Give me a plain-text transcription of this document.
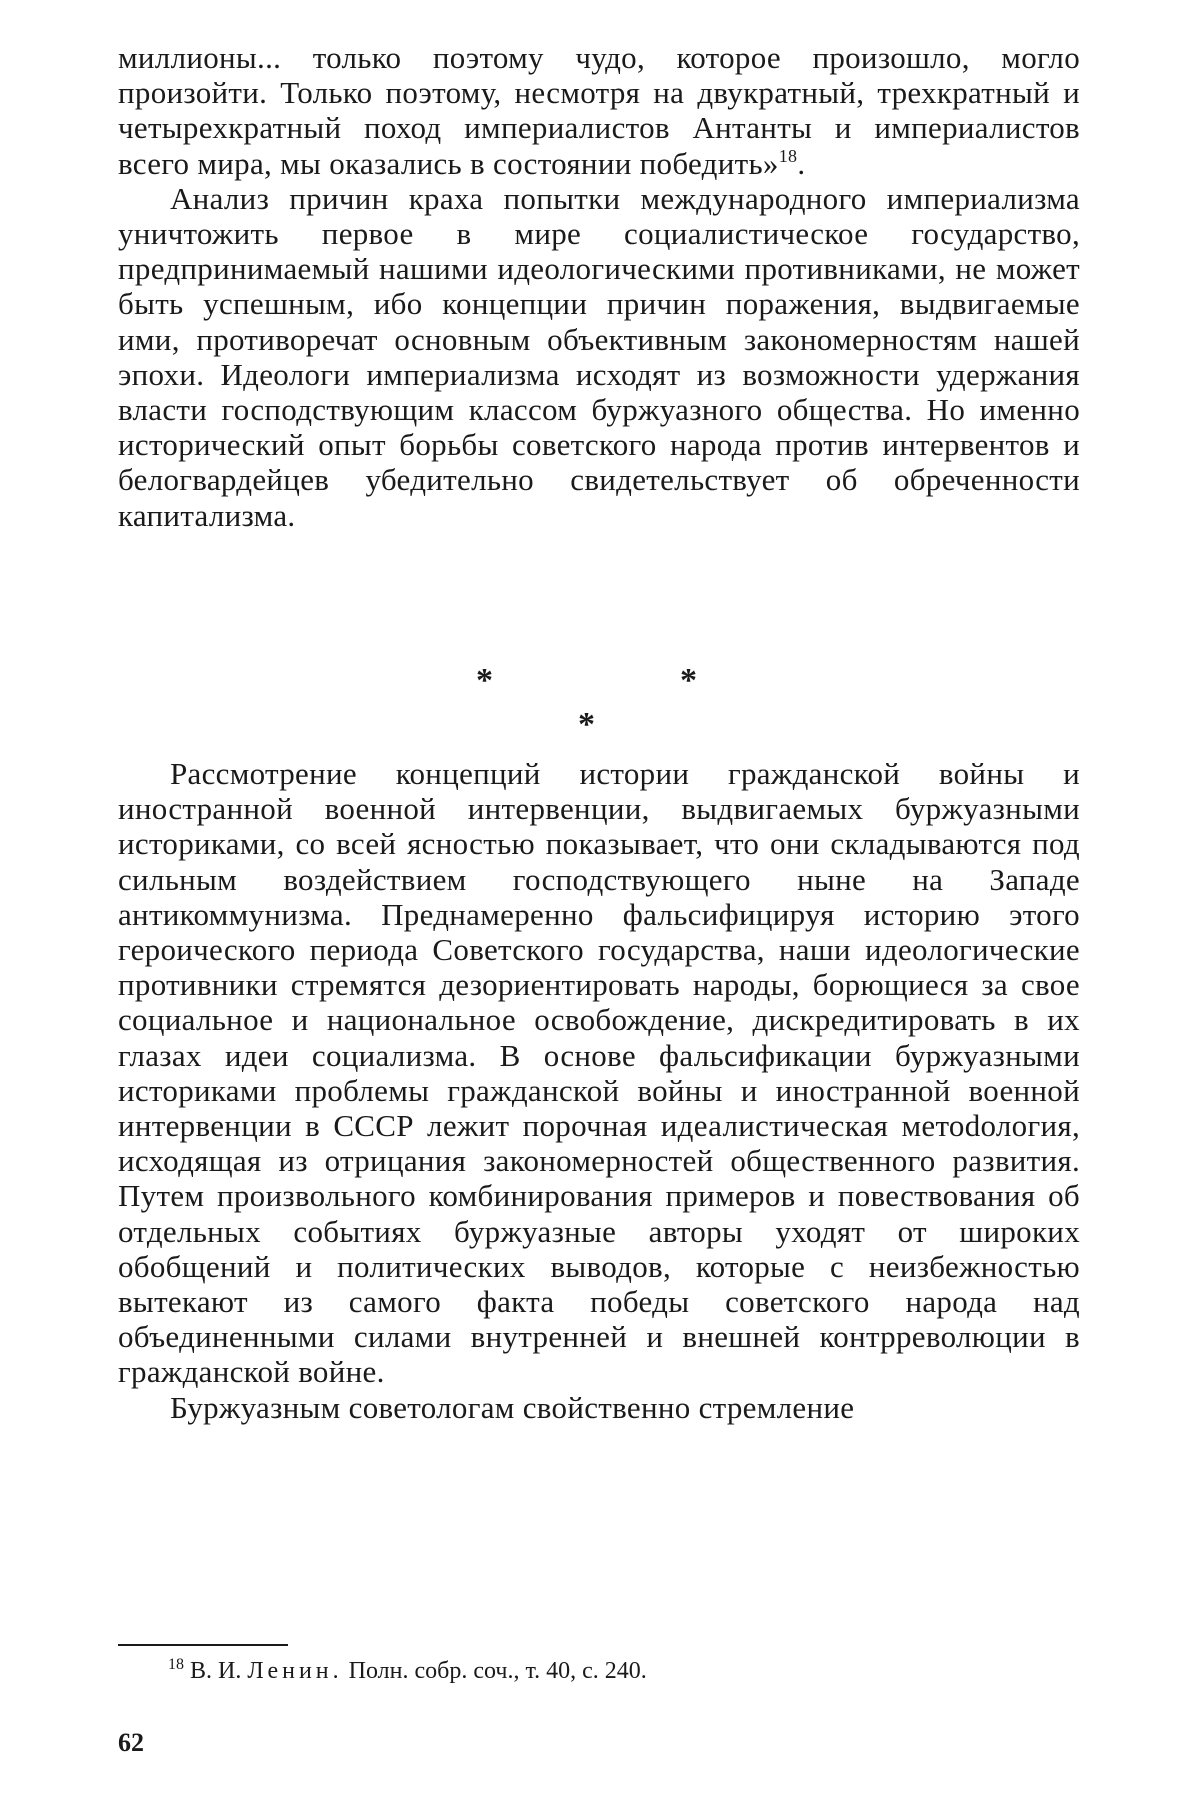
миллионы... только поэтому чудо, которое произошло, могло произойти. Только поэтому, несмотря на двукратный, трехкратный и четырехкратный поход империалистов Антанты и империалистов всего мира, мы оказались в состоянии победить»$^{18}$.

Анализ причин краха попытки международного империализма уничтожить первое в мире социалистическое государство, предпринимаемый нашими идеологическими противниками, не может быть успешным, ибо концепции причин поражения, выдвигаемые ими, противоречат основным объективным закономерностям нашей эпохи. Идеологи империализма исходят из возможности удержания власти господствующим классом буржуазного общества. Но именно исторический опыт борьбы советского народа против интервентов и белогвардейцев убедительно свидетельствует об обреченности капитализма.

*	*
*

Рассмотрение концепций истории гражданской войны и иностранной военной интервенции, выдвигаемых буржуазными историками, со всей ясностью показывает, что они складываются под сильным воздействием господствующего ныне на Западе антикоммунизма. Преднамеренно фальсифицируя историю этого героического периода Советского государства, наши идеологические противники стремятся дезориентировать народы, борющиеся за свое социальное и национальное освобождение, дискредитировать в их глазах идеи социализма. В основе фальсификации буржуазными историками проблемы гражданской войны и иностранной военной интервенции в СССР лежит порочная идеалистическая метоdология, исходящая из отрицания закономерностей общественного развития. Путем произвольного комбинирования примеров и повествования об отдельных событиях буржуазные авторы уходят от широких обобщений и политических выводов, которые с неизбежностью вытекают из самого факта победы советского народа над объединенными силами внутренней и внешней контрреволюции в гражданской войне.

Буржуазным советологам свойственно стремление

$^{18}$ В. И. Ленин. Полн. собр. соч., т. 40, с. 240.
62
